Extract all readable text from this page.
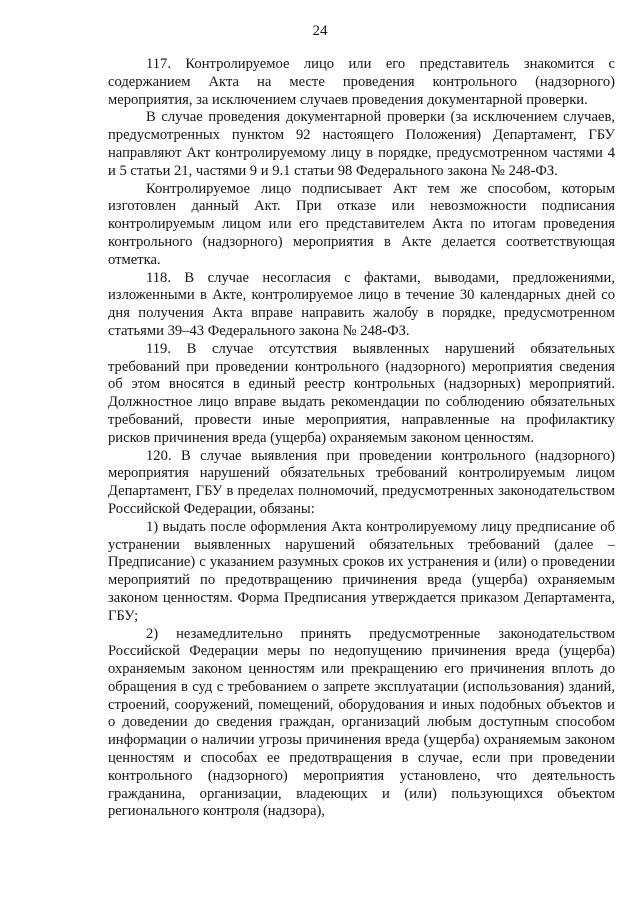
24

117. Контролируемое лицо или его представитель знакомится с содержанием Акта на месте проведения контрольного (надзорного) мероприятия, за исключением случаев проведения документарной проверки.

В случае проведения документарной проверки (за исключением случаев, предусмотренных пунктом 92 настоящего Положения) Департамент, ГБУ направляют Акт контролируемому лицу в порядке, предусмотренном частями 4 и 5 статьи 21, частями 9 и 9.1 статьи 98 Федерального закона № 248-ФЗ.

Контролируемое лицо подписывает Акт тем же способом, которым изготовлен данный Акт. При отказе или невозможности подписания контролируемым лицом или его представителем Акта по итогам проведения контрольного (надзорного) мероприятия в Акте делается соответствующая отметка.

118. В случае несогласия с фактами, выводами, предложениями, изложенными в Акте, контролируемое лицо в течение 30 календарных дней со дня получения Акта вправе направить жалобу в порядке, предусмотренном статьями 39–43 Федерального закона № 248-ФЗ.

119. В случае отсутствия выявленных нарушений обязательных требований при проведении контрольного (надзорного) мероприятия сведения об этом вносятся в единый реестр контрольных (надзорных) мероприятий. Должностное лицо вправе выдать рекомендации по соблюдению обязательных требований, провести иные мероприятия, направленные на профилактику рисков причинения вреда (ущерба) охраняемым законом ценностям.

120. В случае выявления при проведении контрольного (надзорного) мероприятия нарушений обязательных требований контролируемым лицом Департамент, ГБУ в пределах полномочий, предусмотренных законодательством Российской Федерации, обязаны:

1) выдать после оформления Акта контролируемому лицу предписание об устранении выявленных нарушений обязательных требований (далее – Предписание) с указанием разумных сроков их устранения и (или) о проведении мероприятий по предотвращению причинения вреда (ущерба) охраняемым законом ценностям. Форма Предписания утверждается приказом Департамента, ГБУ;

2) незамедлительно принять предусмотренные законодательством Российской Федерации меры по недопущению причинения вреда (ущерба) охраняемым законом ценностям или прекращению его причинения вплоть до обращения в суд с требованием о запрете эксплуатации (использования) зданий, строений, сооружений, помещений, оборудования и иных подобных объектов и о доведении до сведения граждан, организаций любым доступным способом информации о наличии угрозы причинения вреда (ущерба) охраняемым законом ценностям и способах ее предотвращения в случае, если при проведении контрольного (надзорного) мероприятия установлено, что деятельность гражданина, организации, владеющих и (или) пользующихся объектом регионального контроля (надзора),
